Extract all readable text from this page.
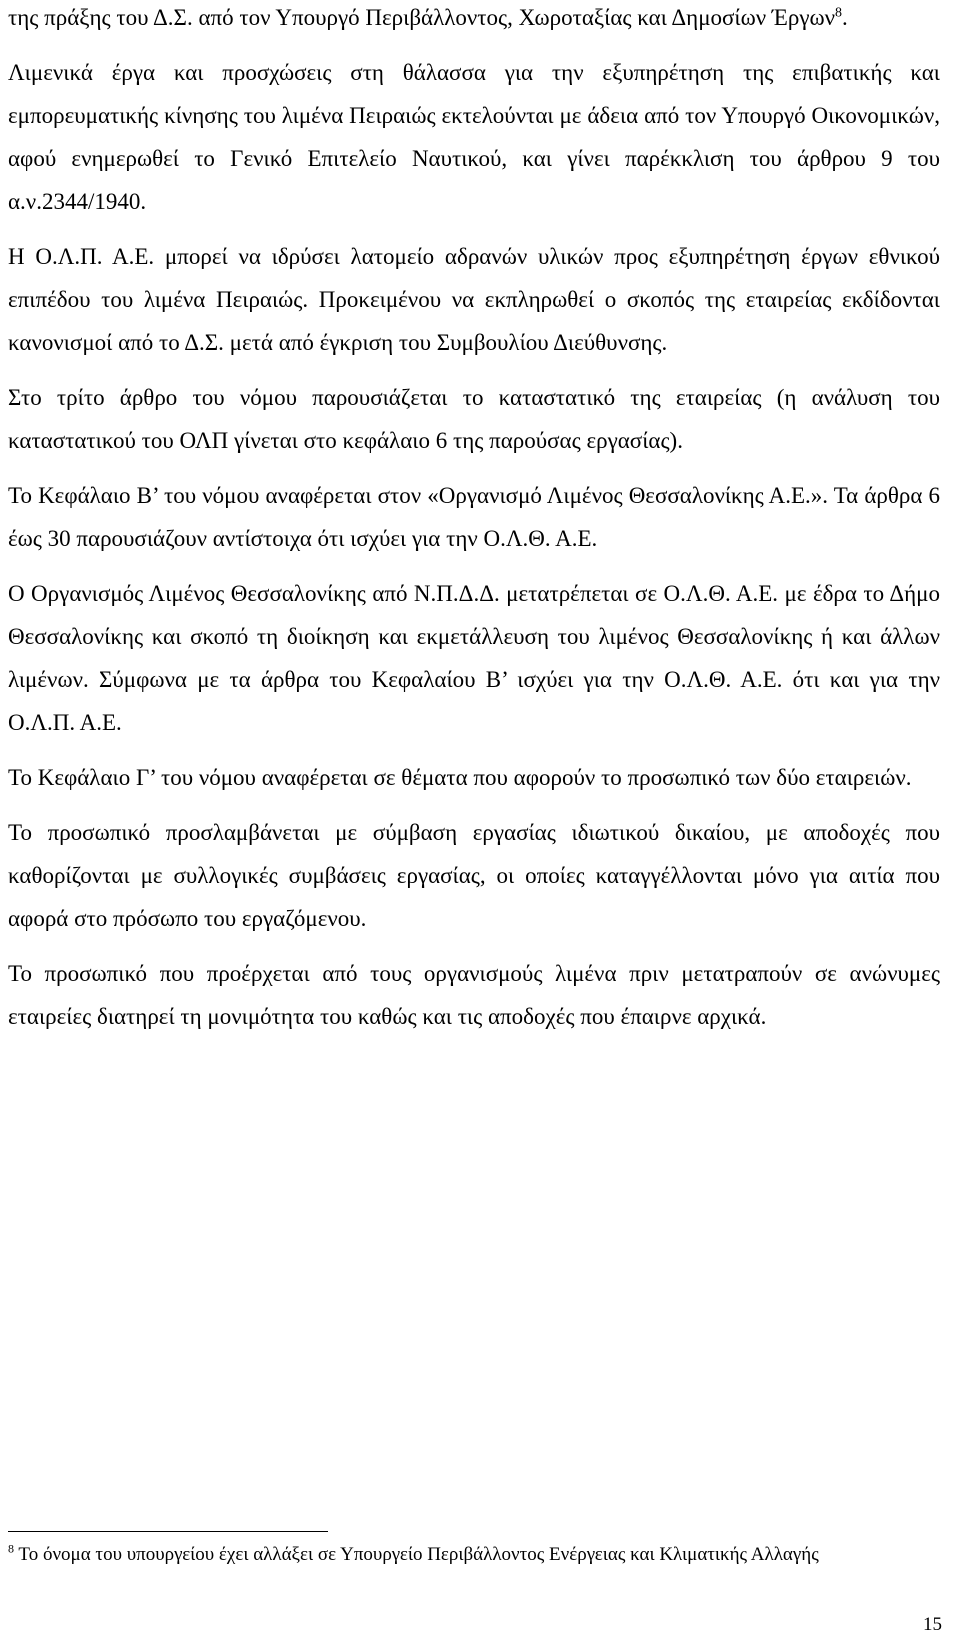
της πράξης του Δ.Σ. από τον Υπουργό Περιβάλλοντος, Χωροταξίας και Δημοσίων Έργων$^8$.

Λιμενικά έργα και προσχώσεις στη θάλασσα για την εξυπηρέτηση της επιβατικής και εμπορευματικής κίνησης του λιμένα Πειραιώς εκτελούνται με άδεια από τον Υπουργό Οικονομικών, αφού ενημερωθεί το Γενικό Επιτελείο Ναυτικού, και γίνει παρέκκλιση του άρθρου 9 του α.ν.2344/1940.

Η Ο.Λ.Π. Α.Ε. μπορεί να ιδρύσει λατομείο αδρανών υλικών προς εξυπηρέτηση έργων εθνικού επιπέδου του λιμένα Πειραιώς. Προκειμένου να εκπληρωθεί ο σκοπός της εταιρείας εκδίδονται κανονισμοί από το Δ.Σ. μετά από έγκριση του Συμβουλίου Διεύθυνσης.

Στο τρίτο άρθρο του νόμου παρουσιάζεται το καταστατικό της εταιρείας (η ανάλυση του καταστατικού του ΟΛΠ γίνεται στο κεφάλαιο 6 της παρούσας εργασίας).

Το Κεφάλαιο Β’ του νόμου αναφέρεται στον «Οργανισμό Λιμένος Θεσσαλονίκης Α.Ε.». Τα άρθρα 6 έως 30 παρουσιάζουν αντίστοιχα ότι ισχύει για την Ο.Λ.Θ. Α.Ε.

Ο Οργανισμός Λιμένος Θεσσαλονίκης από Ν.Π.Δ.Δ. μετατρέπεται σε Ο.Λ.Θ. Α.Ε. με έδρα το Δήμο Θεσσαλονίκης και σκοπό τη διοίκηση και εκμετάλλευση του λιμένος Θεσσαλονίκης ή και άλλων λιμένων. Σύμφωνα με τα άρθρα του Κεφαλαίου Β’ ισχύει για την Ο.Λ.Θ. Α.Ε. ότι και για την Ο.Λ.Π. Α.Ε.

Το Κεφάλαιο Γ’ του νόμου αναφέρεται σε θέματα που αφορούν το προσωπικό των δύο εταιρειών.

Το προσωπικό προσλαμβάνεται με σύμβαση εργασίας ιδιωτικού δικαίου, με αποδοχές που καθορίζονται με συλλογικές συμβάσεις εργασίας, οι οποίες καταγγέλλονται μόνο για αιτία που αφορά στο πρόσωπο του εργαζόμενου.

Το προσωπικό που προέρχεται από τους οργανισμούς λιμένα πριν μετατραπούν σε ανώνυμες εταιρείες διατηρεί τη μονιμότητα του καθώς και τις αποδοχές που έπαιρνε αρχικά.

$^8$ Το όνομα του υπουργείου έχει αλλάξει σε Υπουργείο Περιβάλλοντος Ενέργειας και Κλιματικής Αλλαγής
15
